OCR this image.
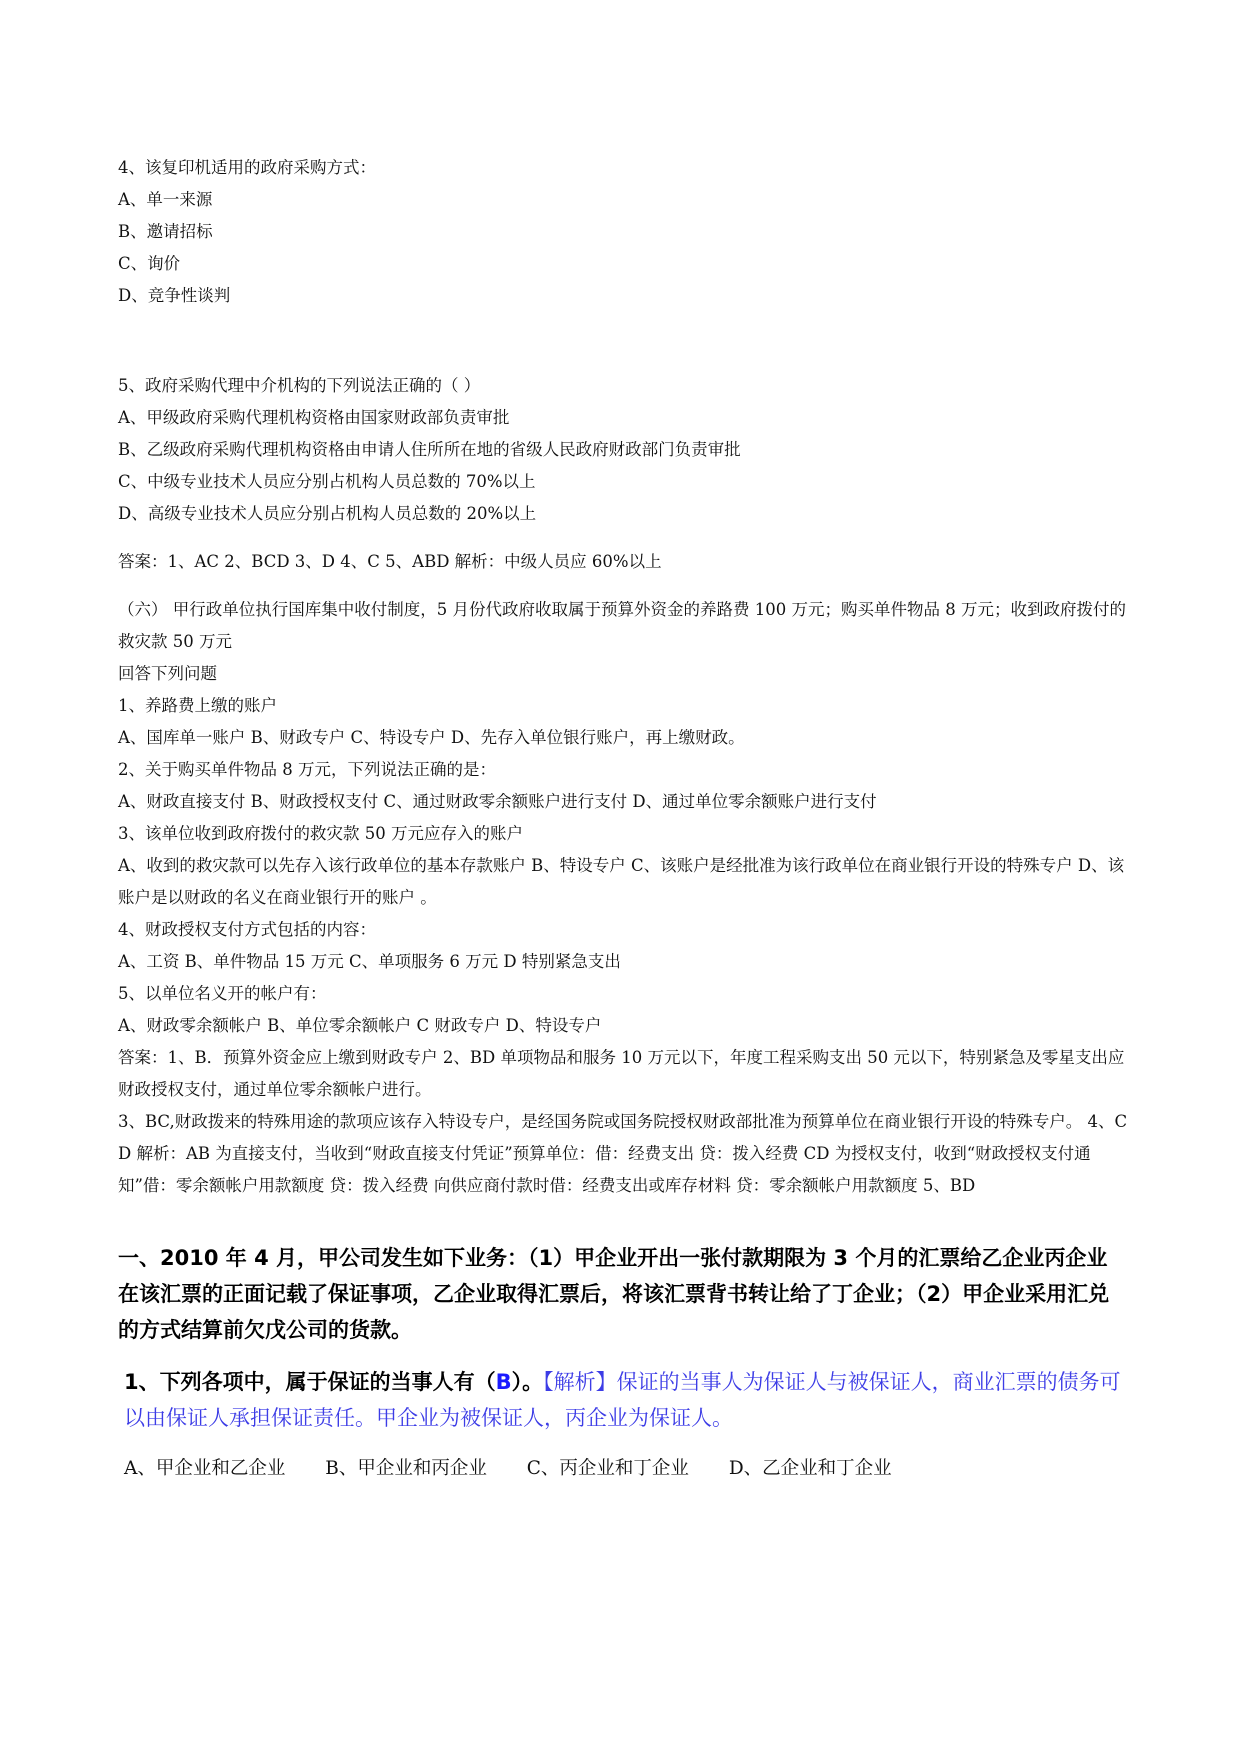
4、该复印机适用的政府采购方式：
A、单一来源
B、邀请招标
C、询价
D、竞争性谈判
5、政府采购代理中介机构的下列说法正确的（ ）
A、甲级政府采购代理机构资格由国家财政部负责审批
B、乙级政府采购代理机构资格由申请人住所所在地的省级人民政府财政部门负责审批
C、中级专业技术人员应分别占机构人员总数的 70%以上
D、高级专业技术人员应分别占机构人员总数的 20%以上
答案：1、AC 2、BCD 3、D 4、C 5、ABD 解析：中级人员应 60%以上
（六） 甲行政单位执行国库集中收付制度，5 月份代政府收取属于预算外资金的养路费 100 万元；购买单件物品 8 万元；收到政府拨付的救灾款 50 万元
回答下列问题
1、养路费上缴的账户
A、国库单一账户 B、财政专户 C、特设专户 D、先存入单位银行账户，再上缴财政。
2、关于购买单件物品 8 万元，下列说法正确的是：
A、财政直接支付 B、财政授权支付 C、通过财政零余额账户进行支付 D、通过单位零余额账户进行支付
3、该单位收到政府拨付的救灾款 50 万元应存入的账户
A、收到的救灾款可以先存入该行政单位的基本存款账户 B、特设专户 C、该账户是经批准为该行政单位在商业银行开设的特殊专户 D、该账户是以财政的名义在商业银行开的账户 。
4、财政授权支付方式包括的内容：
A、工资 B、单件物品 15 万元 C、单项服务 6 万元 D 特别紧急支出
5、以单位名义开的帐户有：
A、财政零余额帐户 B、单位零余额帐户 C 财政专户 D、特设专户
答案：1、B．预算外资金应上缴到财政专户 2、BD 单项物品和服务 10 万元以下，年度工程采购支出 50 元以下，特别紧急及零星支出应财政授权支付，通过单位零余额帐户进行。
3、BC,财政拨来的特殊用途的款项应该存入特设专户，是经国务院或国务院授权财政部批准为预算单位在商业银行开设的特殊专户。 4、CD 解析：AB 为直接支付，当收到“财政直接支付凭证”预算单位：借：经费支出 贷：拨入经费 CD 为授权支付，收到“财政授权支付通知”借：零余额帐户用款额度 贷：拨入经费 向供应商付款时借：经费支出或库存材料 贷：零余额帐户用款额度 5、BD
一、2010 年 4 月，甲公司发生如下业务：（1）甲企业开出一张付款期限为 3 个月的汇票给乙企业丙企业在该汇票的正面记载了保证事项，乙企业取得汇票后，将该汇票背书转让给了丁企业；（2）甲企业采用汇兑的方式结算前欠戊公司的货款。
1、下列各项中，属于保证的当事人有（B）。【解析】保证的当事人为保证人与被保证人，商业汇票的债务可以由保证人承担保证责任。甲企业为被保证人，丙企业为保证人。
A、甲企业和乙企业 B、甲企业和丙企业 C、丙企业和丁企业 D、乙企业和丁企业
